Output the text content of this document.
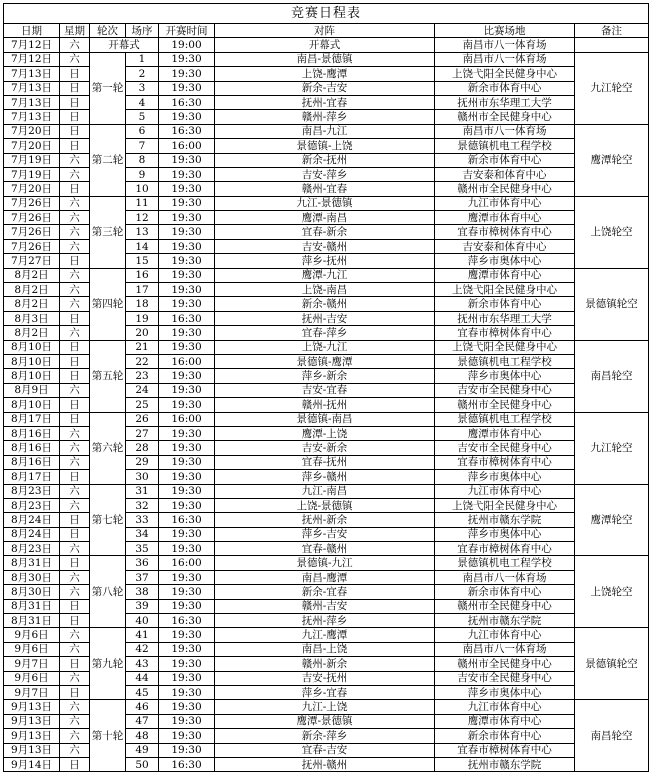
竞赛日程表							
日期	星期	轮次	场序	开赛时间	对阵	比赛场地	备注
7月12日	六	开幕式		19:00	开幕式	南昌市八一体育场	
7月12日	六	第一轮	1	19:30	南昌-景德镇	南昌市八一体育场	九江轮空
7月13日	日		2	19:30	上饶-鹰潭	上饶弋阳全民健身中心	
7月13日	日		3	19:30	新余-吉安	新余市体育中心	
7月13日	日		4	16:30	抚州-宜春	抚州市东华理工大学	
7月13日	日		5	19:30	赣州-萍乡	赣州市全民健身中心	
7月20日	日	第二轮	6	16:30	南昌-九江	南昌市八一体育场	鹰潭轮空
7月20日	日		7	16:00	景德镇-上饶	景德镇机电工程学校	
7月19日	六		8	19:30	新余-抚州	新余市体育中心	
7月19日	六		9	19:30	吉安-萍乡	吉安泰和体育中心	
7月20日	日		10	19:30	赣州-宜春	赣州市全民健身中心	
7月26日	六	第三轮	11	19:30	九江-景德镇	九江市体育中心	上饶轮空
7月26日	六		12	19:30	鹰潭-南昌	鹰潭市体育中心	
7月26日	六		13	19:30	宜春-新余	宜春市樟树体育中心	
7月26日	六		14	19:30	吉安-赣州	吉安泰和体育中心	
7月27日	日		15	19:30	萍乡-抚州	萍乡市奥体中心	
8月2日	六	第四轮	16	19:30	鹰潭-九江	鹰潭市体育中心	景德镇轮空
8月2日	六		17	19:30	上饶-南昌	上饶弋阳全民健身中心	
8月2日	六		18	19:30	新余-赣州	新余市体育中心	
8月3日	日		19	16:30	抚州-吉安	抚州市东华理工大学	
8月2日	六		20	19:30	宜春-萍乡	宜春市樟树体育中心	
8月10日	日	第五轮	21	19:30	上饶-九江	上饶弋阳全民健身中心	南昌轮空
8月10日	日		22	16:00	景德镇-鹰潭	景德镇机电工程学校	
8月10日	日		23	19:30	萍乡-新余	萍乡市奥体中心	
8月9日	六		24	19:30	吉安-宜春	吉安市全民健身中心	
8月10日	日		25	19:30	赣州-抚州	赣州市全民健身中心	
8月17日	日	第六轮	26	16:00	景德镇-南昌	景德镇机电工程学校	九江轮空
8月16日	六		27	19:30	鹰潭-上饶	鹰潭市体育中心	
8月16日	六		28	19:30	吉安-新余	吉安市全民健身中心	
8月16日	六		29	19:30	宜春-抚州	宜春市樟树体育中心	
8月17日	日		30	19:30	萍乡-赣州	萍乡市奥体中心	
8月23日	六	第七轮	31	19:30	九江-南昌	九江市体育中心	鹰潭轮空
8月23日	六		32	19:30	上饶-景德镇	上饶弋阳全民健身中心	
8月24日	日		33	16:30	抚州-新余	抚州市赣东学院	
8月24日	日		34	19:30	萍乡-吉安	萍乡市奥体中心	
8月23日	六		35	19:30	宜春-赣州	宜春市樟树体育中心	
8月31日	日	第八轮	36	16:00	景德镇-九江	景德镇机电工程学校	上饶轮空
8月30日	六		37	19:30	南昌-鹰潭	南昌市八一体育场	
8月30日	六		38	19:30	新余-宜春	新余市体育中心	
8月31日	日		39	19:30	赣州-吉安	赣州市全民健身中心	
8月31日	日		40	16:30	抚州-萍乡	抚州市赣东学院	
9月6日	六	第九轮	41	19:30	九江-鹰潭	九江市体育中心	景德镇轮空
9月6日	六		42	19:30	南昌-上饶	南昌市八一体育场	
9月7日	日		43	19:30	赣州-新余	赣州市全民健身中心	
9月6日	六		44	19:30	吉安-抚州	吉安市全民健身中心	
9月7日	日		45	19:30	萍乡-宜春	萍乡市奥体中心	
9月13日	六	第十轮	46	19:30	九江-上饶	九江市体育中心	南昌轮空
9月13日	六		47	19:30	鹰潭-景德镇	鹰潭市体育中心	
9月13日	六		48	19:30	新余-萍乡	新余市体育中心	
9月13日	六		49	19:30	宜春-吉安	宜春市樟树体育中心	
9月14日	日		50	16:30	抚州-赣州	抚州市赣东学院	
